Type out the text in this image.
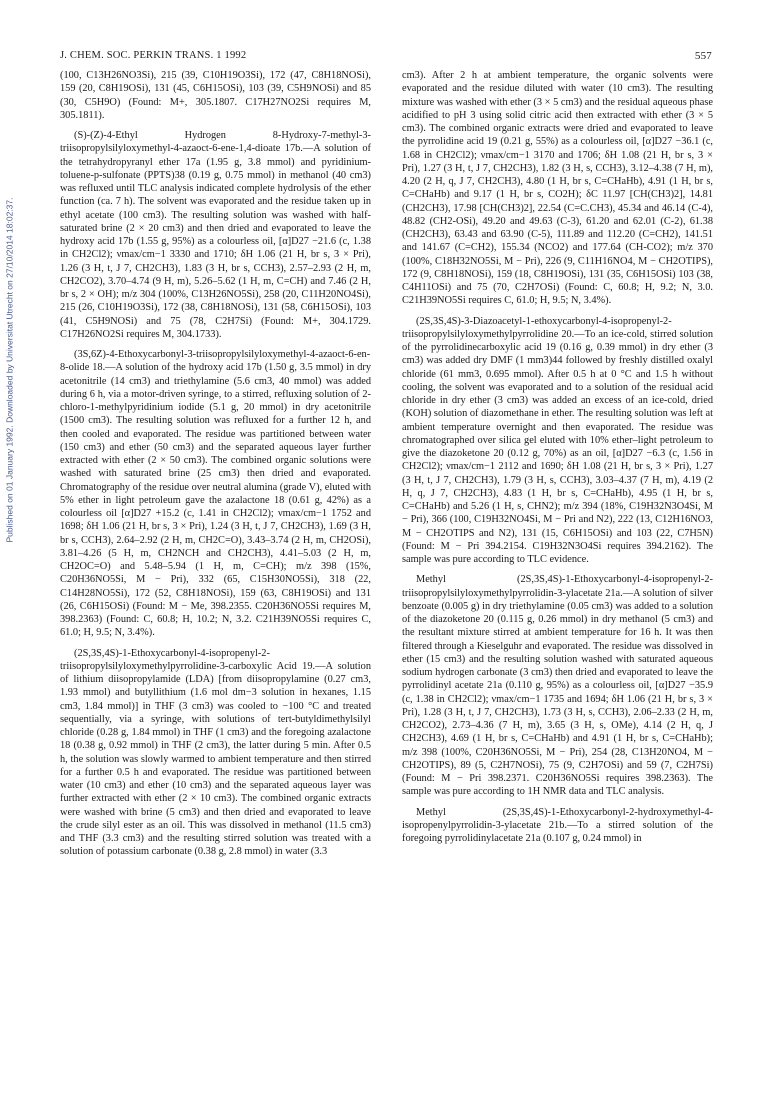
J. CHEM. SOC. PERKIN TRANS. 1 1992	557
Published on 01 January 1992. Downloaded by Universitat Utrecht on 27/10/2014 18:02:37.

(100, C13H26NO3Si), 215 (39, C10H19O3Si), 172 (47, C8H18NOSi), 159 (20, C8H19OSi), 131 (45, C6H15OSi), 103 (39, C5H9NOSi) and 85 (30, C5H9O) (Found: M+, 305.1807. C17H27NO2Si requires M, 305.1811).

(S)-(Z)-4-Ethyl Hydrogen 8-Hydroxy-7-methyl-3-triisopropylsilyloxymethyl-4-azaoct-6-ene-1,4-dioate 17b.—A solution of the tetrahydropyranyl ether 17a (1.95 g, 3.8 mmol) and pyridinium-toluene-p-sulfonate (PPTS)38 (0.19 g, 0.75 mmol) in methanol (40 cm3) was refluxed until TLC analysis indicated complete hydrolysis of the ether function (ca. 7 h). The solvent was evaporated and the residue taken up in ethyl acetate (100 cm3). The resulting solution was washed with half-saturated brine (2 × 20 cm3) and then dried and evaporated to leave the hydroxy acid 17b (1.55 g, 95%) as a colourless oil, [α]D27 −21.6 (c, 1.38 in CH2Cl2); νmax/cm−1 3330 and 1710; δH 1.06 (21 H, br s, 3 × Pri), 1.26 (3 H, t, J 7, CH2CH3), 1.83 (3 H, br s, CCH3), 2.57–2.93 (2 H, m, CH2CO2), 3.70–4.74 (9 H, m), 5.26–5.62 (1 H, m, C=CH) and 7.46 (2 H, br s, 2 × OH); m/z 304 (100%, C13H26NO5Si), 258 (20, C11H20NO4Si), 215 (26, C10H19O3Si), 172 (38, C8H18NOSi), 131 (58, C6H15OSi), 103 (41, C5H9NOSi) and 75 (78, C2H7Si) (Found: M+, 304.1729. C17H26NO2Si requires M, 304.1733).

(3S,6Z)-4-Ethoxycarbonyl-3-triisopropylsilyloxymethyl-4-azaoct-6-en-8-olide 18.—A solution of the hydroxy acid 17b (1.50 g, 3.5 mmol) in dry acetonitrile (14 cm3) and triethylamine (5.6 cm3, 40 mmol) was added during 6 h, via a motor-driven syringe, to a stirred, refluxing solution of 2-chloro-1-methylpyridinium iodide (5.1 g, 20 mmol) in dry acetonitrile (1500 cm3). The resulting solution was refluxed for a further 12 h, and then cooled and evaporated. The residue was partitioned between water (150 cm3) and ether (50 cm3) and the separated aqueous layer further extracted with ether (2 × 50 cm3). The combined organic solutions were washed with saturated brine (25 cm3) then dried and evaporated. Chromatography of the residue over neutral alumina (grade V), eluted with 5% ether in light petroleum gave the azalactone 18 (0.61 g, 42%) as a colourless oil [α]D27 +15.2 (c, 1.41 in CH2Cl2); νmax/cm−1 1752 and 1698; δH 1.06 (21 H, br s, 3 × Pri), 1.24 (3 H, t, J 7, CH2CH3), 1.69 (3 H, br s, CCH3), 2.64–2.92 (2 H, m, CH2C=O), 3.43–3.74 (2 H, m, CH2OSi), 3.81–4.26 (5 H, m, CH2NCH and CH2CH3), 4.41–5.03 (2 H, m, CH2OC=O) and 5.48–5.94 (1 H, m, C=CH); m/z 398 (15%, C20H36NO5Si, M − Pri), 332 (65, C15H30NO5Si), 318 (22, C14H28NO5Si), 172 (52, C8H18NOSi), 159 (63, C8H19OSi) and 131 (26, C6H15OSi) (Found: M − Me, 398.2355. C20H36NO5Si requires M, 398.2363) (Found: C, 60.8; H, 10.2; N, 3.2. C21H39NO5Si requires C, 61.0; H, 9.5; N, 3.4%).

(2S,3S,4S)-1-Ethoxycarbonyl-4-isopropenyl-2-triisopropylsilyloxymethylpyrrolidine-3-carboxylic Acid 19.—A solution of lithium diisopropylamide (LDA) [from diisopropylamine (0.27 cm3, 1.93 mmol) and butyllithium (1.6 mol dm−3 solution in hexanes, 1.15 cm3, 1.84 mmol)] in THF (3 cm3) was cooled to −100 °C and treated sequentially, via a syringe, with solutions of tert-butyldimethylsilyl chloride (0.28 g, 1.84 mmol) in THF (1 cm3) and the foregoing azalactone 18 (0.38 g, 0.92 mmol) in THF (2 cm3), the latter during 5 min. After 0.5 h, the solution was slowly warmed to ambient temperature and then stirred for a further 0.5 h and evaporated. The residue was partitioned between water (10 cm3) and ether (10 cm3) and the separated aqueous layer was further extracted with ether (2 × 10 cm3). The combined organic extracts were washed with brine (5 cm3) and then dried and evaporated to leave the crude silyl ester as an oil. This was dissolved in methanol (11.5 cm3) and THF (3.3 cm3) and the resulting stirred solution was treated with a solution of potassium carbonate (0.38 g, 2.8 mmol) in water (3.3

cm3). After 2 h at ambient temperature, the organic solvents were evaporated and the residue diluted with water (10 cm3). The resulting mixture was washed with ether (3 × 5 cm3) and the residual aqueous phase acidified to pH 3 using solid citric acid then extracted with ether (3 × 5 cm3). The combined organic extracts were dried and evaporated to leave the pyrrolidine acid 19 (0.21 g, 55%) as a colourless oil, [α]D27 −36.1 (c, 1.68 in CH2Cl2); νmax/cm−1 3170 and 1706; δH 1.08 (21 H, br s, 3 × Pri), 1.27 (3 H, t, J 7, CH2CH3), 1.82 (3 H, s, CCH3), 3.12–4.38 (7 H, m), 4.20 (2 H, q, J 7, CH2CH3), 4.80 (1 H, br s, C=CHaHb), 4.91 (1 H, br s, C=CHaHb) and 9.17 (1 H, br s, CO2H); δC 11.97 [CH(CH3)2], 14.81 (CH2CH3), 17.98 [CH(CH3)2], 22.54 (C=C.CH3), 45.34 and 46.14 (C-4), 48.82 (CH2-OSi), 49.20 and 49.63 (C-3), 61.20 and 62.01 (C-2), 61.38 (CH2CH3), 63.43 and 63.90 (C-5), 111.89 and 112.20 (C=CH2), 141.51 and 141.67 (C=CH2), 155.34 (NCO2) and 177.64 (CH-CO2); m/z 370 (100%, C18H32NO5Si, M − Pri), 226 (9, C11H16NO4, M − CH2OTIPS), 172 (9, C8H18NOSi), 159 (18, C8H19OSi), 131 (35, C6H15OSi) 103 (38, C4H11OSi) and 75 (70, C2H7OSi) (Found: C, 60.8; H, 9.2; N, 3.0. C21H39NO5Si requires C, 61.0; H, 9.5; N, 3.4%).

(2S,3S,4S)-3-Diazoacetyl-1-ethoxycarbonyl-4-isopropenyl-2-triisopropylsilyloxymethylpyrrolidine 20.—To an ice-cold, stirred solution of the pyrrolidinecarboxylic acid 19 (0.16 g, 0.39 mmol) in dry ether (3 cm3) was added dry DMF (1 mm3)44 followed by freshly distilled oxalyl chloride (61 mm3, 0.695 mmol). After 0.5 h at 0 °C and 1.5 h without cooling, the solvent was evaporated and to a solution of the residual acid chloride in dry ether (3 cm3) was added an excess of an ice-cold, dried (KOH) solution of diazomethane in ether. The resulting solution was left at ambient temperature overnight and then evaporated. The residue was chromatographed over silica gel eluted with 10% ether–light petroleum to give the diazoketone 20 (0.12 g, 70%) as an oil, [α]D27 −6.3 (c, 1.56 in CH2Cl2); νmax/cm−1 2112 and 1690; δH 1.08 (21 H, br s, 3 × Pri), 1.27 (3 H, t, J 7, CH2CH3), 1.79 (3 H, s, CCH3), 3.03–4.37 (7 H, m), 4.19 (2 H, q, J 7, CH2CH3), 4.83 (1 H, br s, C=CHaHb), 4.95 (1 H, br s, C=CHaHb) and 5.26 (1 H, s, CHN2); m/z 394 (18%, C19H32N3O4Si, M − Pri), 366 (100, C19H32NO4Si, M − Pri and N2), 222 (13, C12H16NO3, M − CH2OTIPS and N2), 131 (15, C6H15OSi) and 103 (22, C7H5N) (Found: M − Pri 394.2154. C19H32N3O4Si requires 394.2162). The sample was pure according to TLC evidence.

Methyl (2S,3S,4S)-1-Ethoxycarbonyl-4-isopropenyl-2-triisopropylsilyloxymethylpyrrolidin-3-ylacetate 21a.—A solution of silver benzoate (0.005 g) in dry triethylamine (0.05 cm3) was added to a solution of the diazoketone 20 (0.115 g, 0.26 mmol) in dry methanol (5 cm3) and the resultant mixture stirred at ambient temperature for 16 h. It was then filtered through a Kieselguhr and evaporated. The residue was dissolved in ether (15 cm3) and the resulting solution washed with saturated aqueous sodium hydrogen carbonate (3 cm3) then dried and evaporated to leave the pyrrolidinyl acetate 21a (0.110 g, 95%) as a colourless oil, [α]D27 −35.9 (c, 1.38 in CH2Cl2); νmax/cm−1 1735 and 1694; δH 1.06 (21 H, br s, 3 × Pri), 1.28 (3 H, t, J 7, CH2CH3), 1.73 (3 H, s, CCH3), 2.06–2.33 (2 H, m, CH2CO2), 2.73–4.36 (7 H, m), 3.65 (3 H, s, OMe), 4.14 (2 H, q, J CH2CH3), 4.69 (1 H, br s, C=CHaHb) and 4.91 (1 H, br s, C=CHaHb); m/z 398 (100%, C20H36NO5Si, M − Pri), 254 (28, C13H20NO4, M − CH2OTIPS), 89 (5, C2H7NOSi), 75 (9, C2H7OSi) and 59 (7, C2H7Si) (Found: M − Pri 398.2371. C20H36NO5Si requires 398.2363). The sample was pure according to 1H NMR data and TLC analysis.

Methyl (2S,3S,4S)-1-Ethoxycarbonyl-2-hydroxymethyl-4-isopropenylpyrrolidin-3-ylacetate 21b.—To a stirred solution of the foregoing pyrrolidinylacetate 21a (0.107 g, 0.24 mmol) in
